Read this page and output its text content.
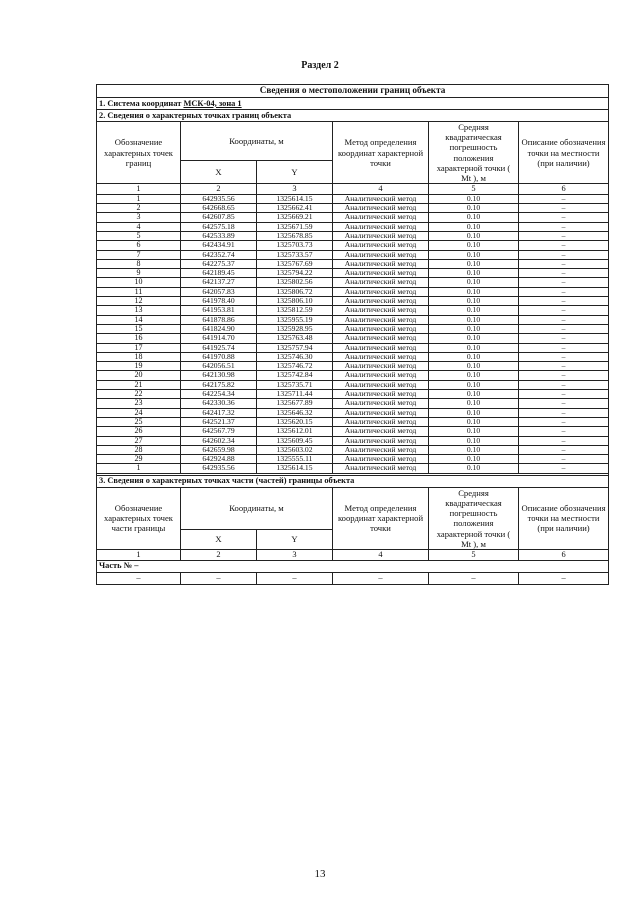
Раздел 2
Сведения о местоположении границ объекта					
1. Система координат МСК-04, зона 1					
2. Сведения о характерных точках границ объекта					
Обозначение характерных точек границ	Координаты, м		Метод определения координат характерной точки	Средняя квадратическая погрешность положения характерной точки ( Mt ), м	Описание обозначения точки на местности (при наличии)
	X	Y			
1	2	3	4	5	6
1	642935.56	1325614.15	Аналитический метод	0.10	–
2	642668.65	1325662.41	Аналитический метод	0.10	–
3	642607.85	1325669.21	Аналитический метод	0.10	–
4	642575.18	1325671.59	Аналитический метод	0.10	–
5	642533.89	1325678.85	Аналитический метод	0.10	–
6	642434.91	1325703.73	Аналитический метод	0.10	–
7	642352.74	1325733.57	Аналитический метод	0.10	–
8	642275.37	1325767.69	Аналитический метод	0.10	–
9	642189.45	1325794.22	Аналитический метод	0.10	–
10	642137.27	1325802.56	Аналитический метод	0.10	–
11	642057.83	1325806.72	Аналитический метод	0.10	–
12	641978.40	1325806.10	Аналитический метод	0.10	–
13	641953.81	1325812.59	Аналитический метод	0.10	–
14	641878.86	1325955.19	Аналитический метод	0.10	–
15	641824.90	1325928.95	Аналитический метод	0.10	–
16	641914.70	1325763.48	Аналитический метод	0.10	–
17	641925.74	1325757.94	Аналитический метод	0.10	–
18	641970.88	1325746.30	Аналитический метод	0.10	–
19	642056.51	1325746.72	Аналитический метод	0.10	–
20	642130.98	1325742.84	Аналитический метод	0.10	–
21	642175.82	1325735.71	Аналитический метод	0.10	–
22	642254.34	1325711.44	Аналитический метод	0.10	–
23	642330.36	1325677.89	Аналитический метод	0.10	–
24	642417.32	1325646.32	Аналитический метод	0.10	–
25	642521.37	1325620.15	Аналитический метод	0.10	–
26	642567.79	1325612.01	Аналитический метод	0.10	–
27	642602.34	1325609.45	Аналитический метод	0.10	–
28	642659.98	1325603.02	Аналитический метод	0.10	–
29	642924.88	1325555.11	Аналитический метод	0.10	–
1	642935.56	1325614.15	Аналитический метод	0.10	–

3. Сведения о характерных точках части (частей) границы объекта					
Обозначение характерных точек части границы	Координаты, м		Метод определения координат характерной точки	Средняя квадратическая погрешность положения характерной точки ( Mt ), м	Описание обозначения точки на местности (при наличии)
	X	Y			
1	2	3	4	5	6
Часть № –					
–	–	–	–	–	–
13
